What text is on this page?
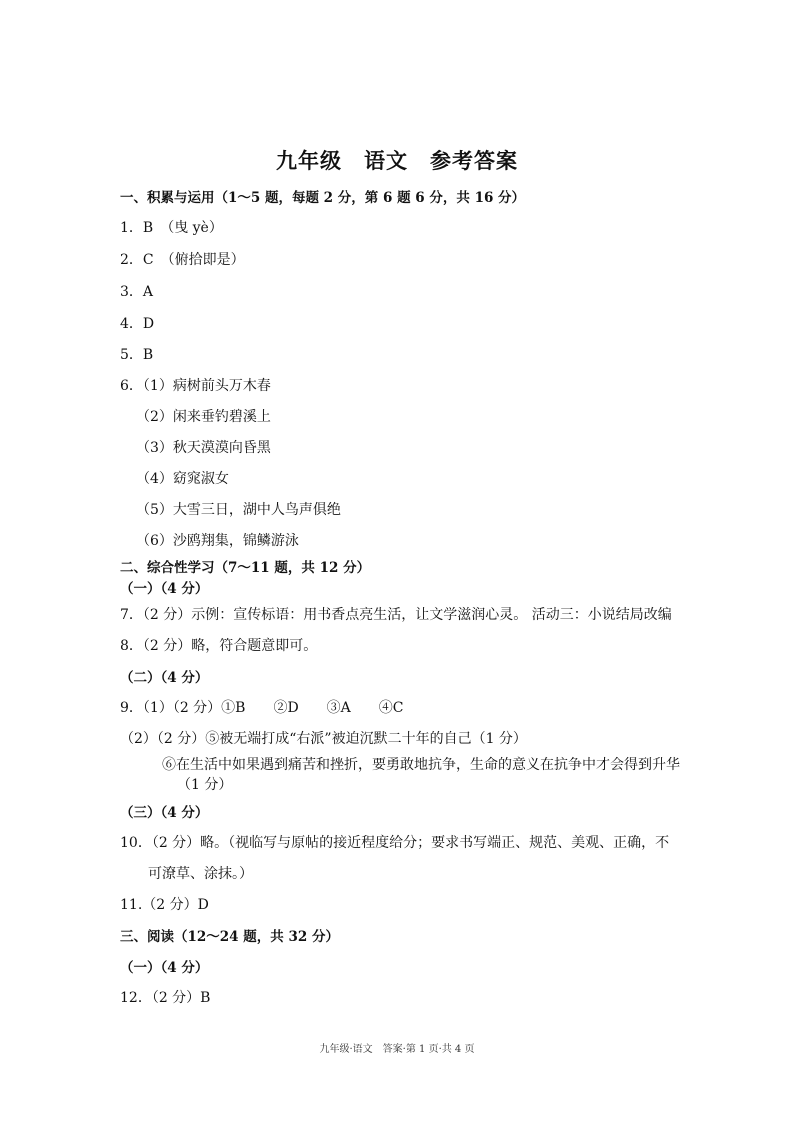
九年级　语文　参考答案
一、积累与运用（1～5 题，每题 2 分，第 6 题 6 分，共 16 分）
1．B　（曳 yè）
2．C　（俯拾即是）
3．A
4．D
5．B
6．（1）病树前头万木春
（2）闲来垂钓碧溪上
（3）秋天漠漠向昏黑
（4）窈窕淑女
（5）大雪三日，湖中人鸟声俱绝
（6）沙鸥翔集，锦鳞游泳
二、综合性学习（7～11 题，共 12 分）
（一）（4 分）
7．（2 分）示例：宣传标语：用书香点亮生活，让文学滋润心灵。 活动三：小说结局改编
8．（2 分）略，符合题意即可。
（二）（4 分）
9．（1）（2 分）①B　　②D　　③A　　④C
（2）（2 分）⑤被无端打成“右派”被迫沉默二十年的自己（1 分）
⑥在生活中如果遇到痛苦和挫折，要勇敢地抗争，生命的意义在抗争中才会得到升华
（1 分）
（三）（4 分）
10．（2 分）略。（视临写与原帖的接近程度给分；要求书写端正、规范、美观、正确，不
可潦草、涂抹。）
11.（2 分）D
三、阅读（12～24 题，共 32 分）
（一）（4 分）
12．（2 分）B
九年级·语文　答案·第 1 页·共 4 页
